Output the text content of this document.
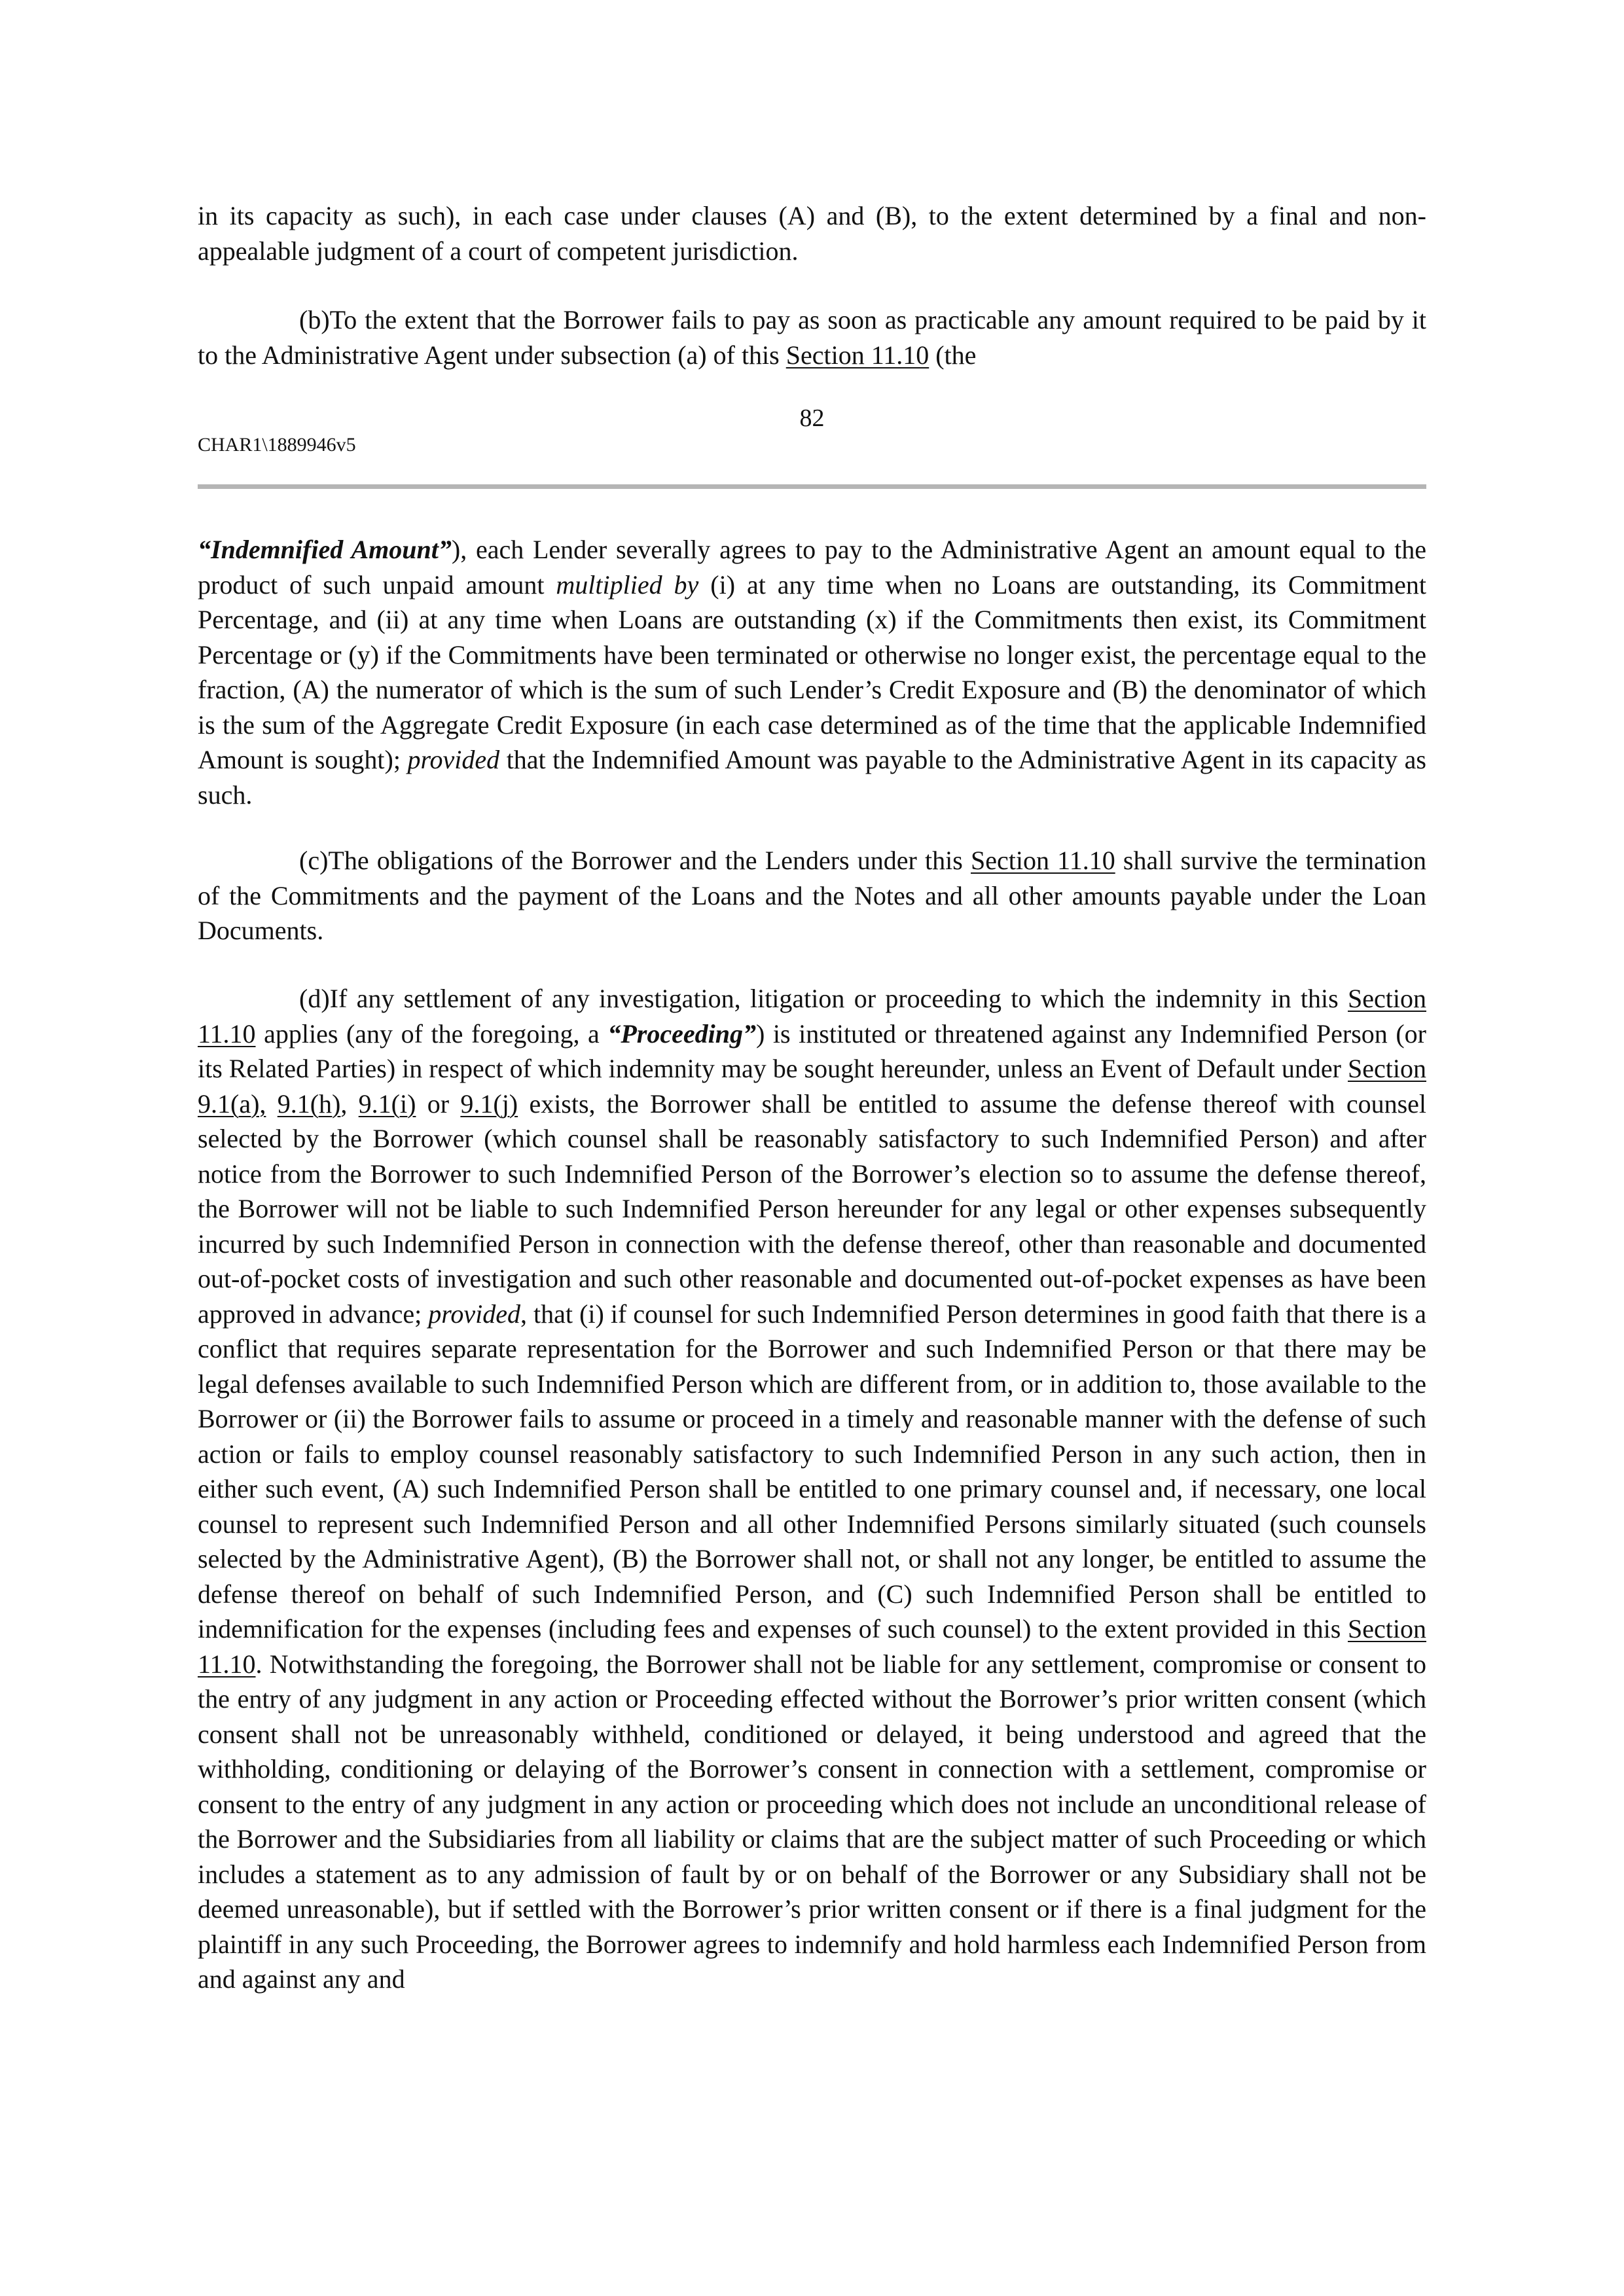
in its capacity as such), in each case under clauses (A) and (B), to the extent determined by a final and non-appealable judgment of a court of competent jurisdiction.

(b)To the extent that the Borrower fails to pay as soon as practicable any amount required to be paid by it to the Administrative Agent under subsection (a) of this Section 11.10 (the

82

CHAR1\1889946v5

“Indemnified Amount”), each Lender severally agrees to pay to the Administrative Agent an amount equal to the product of such unpaid amount multiplied by (i) at any time when no Loans are outstanding, its Commitment Percentage, and (ii) at any time when Loans are outstanding (x) if the Commitments then exist, its Commitment Percentage or (y) if the Commitments have been terminated or otherwise no longer exist, the percentage equal to the fraction, (A) the numerator of which is the sum of such Lender’s Credit Exposure and (B) the denominator of which is the sum of the Aggregate Credit Exposure (in each case determined as of the time that the applicable Indemnified Amount is sought); provided that the Indemnified Amount was payable to the Administrative Agent in its capacity as such.

(c)The obligations of the Borrower and the Lenders under this Section 11.10 shall survive the termination of the Commitments and the payment of the Loans and the Notes and all other amounts payable under the Loan Documents.

(d)If any settlement of any investigation, litigation or proceeding to which the indemnity in this Section 11.10 applies (any of the foregoing, a “Proceeding”) is instituted or threatened against any Indemnified Person (or its Related Parties) in respect of which indemnity may be sought hereunder, unless an Event of Default under Section 9.1(a), 9.1(h), 9.1(i) or 9.1(j) exists, the Borrower shall be entitled to assume the defense thereof with counsel selected by the Borrower (which counsel shall be reasonably satisfactory to such Indemnified Person) and after notice from the Borrower to such Indemnified Person of the Borrower’s election so to assume the defense thereof, the Borrower will not be liable to such Indemnified Person hereunder for any legal or other expenses subsequently incurred by such Indemnified Person in connection with the defense thereof, other than reasonable and documented out-of-pocket costs of investigation and such other reasonable and documented out-of-pocket expenses as have been approved in advance; provided, that (i) if counsel for such Indemnified Person determines in good faith that there is a conflict that requires separate representation for the Borrower and such Indemnified Person or that there may be legal defenses available to such Indemnified Person which are different from, or in addition to, those available to the Borrower or (ii) the Borrower fails to assume or proceed in a timely and reasonable manner with the defense of such action or fails to employ counsel reasonably satisfactory to such Indemnified Person in any such action, then in either such event, (A) such Indemnified Person shall be entitled to one primary counsel and, if necessary, one local counsel to represent such Indemnified Person and all other Indemnified Persons similarly situated (such counsels selected by the Administrative Agent), (B) the Borrower shall not, or shall not any longer, be entitled to assume the defense thereof on behalf of such Indemnified Person, and (C) such Indemnified Person shall be entitled to indemnification for the expenses (including fees and expenses of such counsel) to the extent provided in this Section 11.10. Notwithstanding the foregoing, the Borrower shall not be liable for any settlement, compromise or consent to the entry of any judgment in any action or Proceeding effected without the Borrower’s prior written consent (which consent shall not be unreasonably withheld, conditioned or delayed, it being understood and agreed that the withholding, conditioning or delaying of the Borrower’s consent in connection with a settlement, compromise or consent to the entry of any judgment in any action or proceeding which does not include an unconditional release of the Borrower and the Subsidiaries from all liability or claims that are the subject matter of such Proceeding or which includes a statement as to any admission of fault by or on behalf of the Borrower or any Subsidiary shall not be deemed unreasonable), but if settled with the Borrower’s prior written consent or if there is a final judgment for the plaintiff in any such Proceeding, the Borrower agrees to indemnify and hold harmless each Indemnified Person from and against any and
